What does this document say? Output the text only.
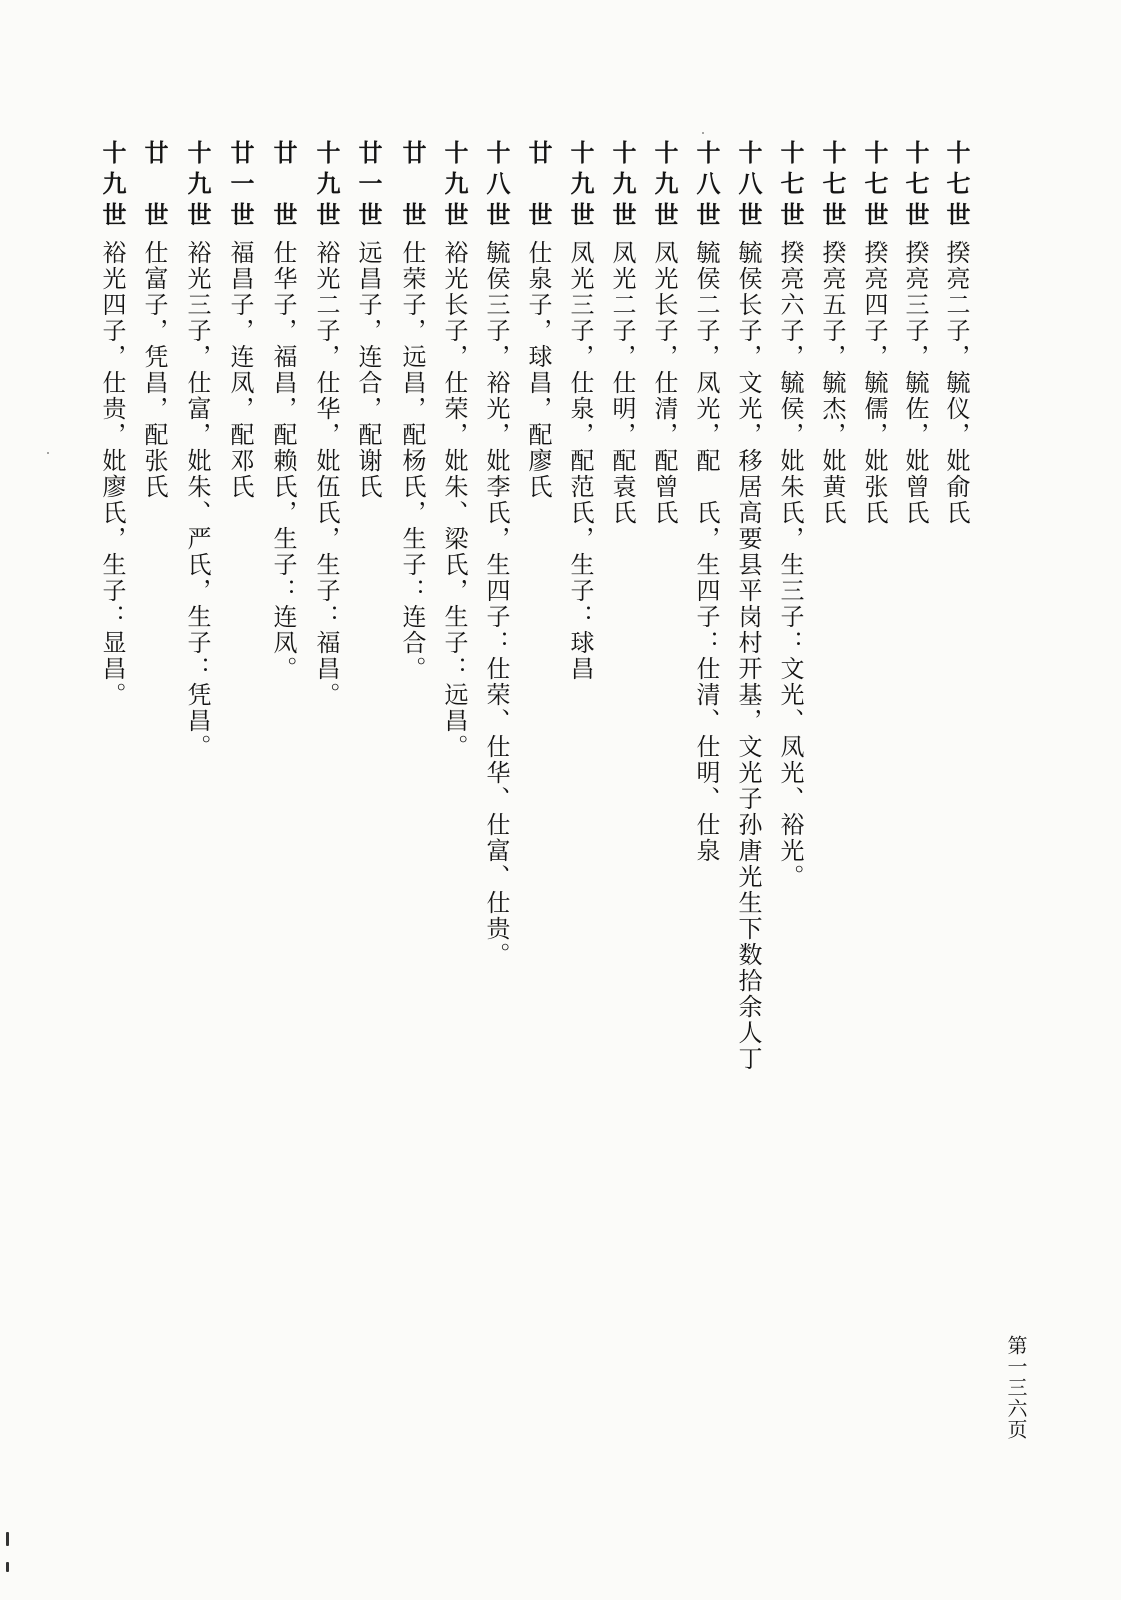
十七世揆亮二子，毓仪，妣俞氏
十七世揆亮三子，毓佐，妣曾氏
十七世揆亮四子，毓儒，妣张氏
十七世揆亮五子，毓杰，妣黄氏
十七世揆亮六子，毓侯，妣朱氏，生三子：文光、凤光、裕光。
十八世毓侯长子，文光，移居高要县平岗村开基，文光子孙唐光生下数拾余人丁
十八世毓侯二子，凤光，配　氏，生四子：仕清、仕明、仕泉
十九世凤光长子，仕清，配曾氏
十九世凤光二子，仕明，配袁氏
十九世凤光三子，仕泉，配范氏，生子：球昌
廿　世仕泉子，球昌，配廖氏
十八世毓侯三子，裕光，妣李氏，生四子：仕荣、仕华、仕富、仕贵。
十九世裕光长子，仕荣，妣朱、梁氏，生子：远昌。
廿　世仕荣子，远昌，配杨氏，生子：连合。
廿一世远昌子，连合，配谢氏
十九世裕光二子，仕华，妣伍氏，生子：福昌。
廿　世仕华子，福昌，配赖氏，生子：连凤。
廿一世福昌子，连凤，配邓氏
十九世裕光三子，仕富，妣朱、严氏，生子：凭昌。
廿　世仕富子，凭昌，配张氏
十九世裕光四子，仕贵，妣廖氏，生子：显昌。
第一三六页
